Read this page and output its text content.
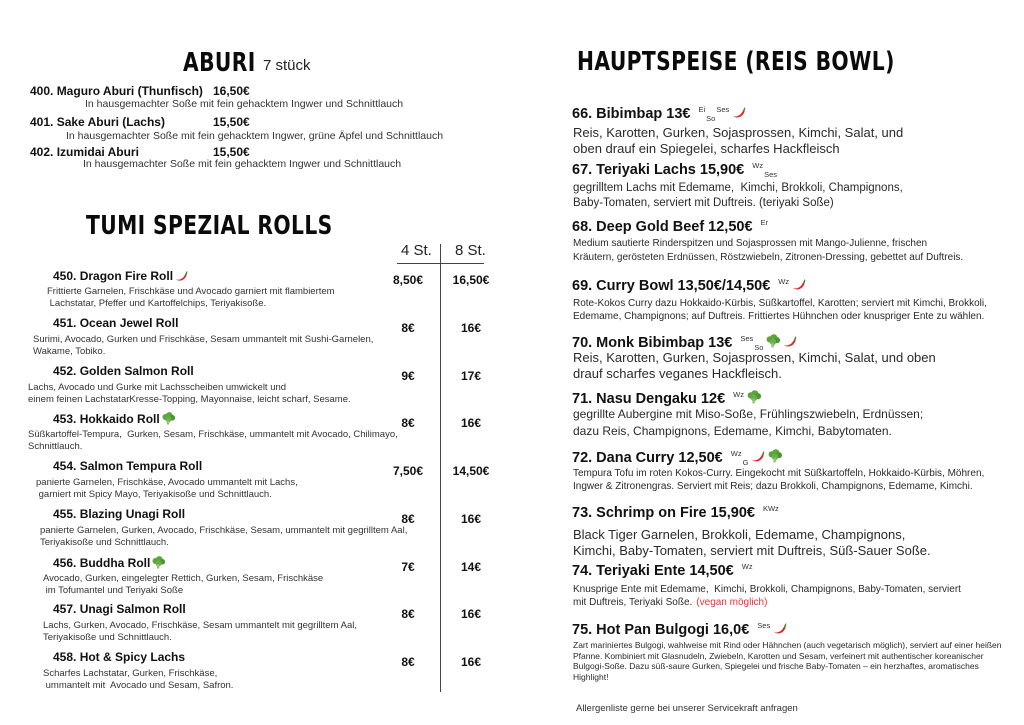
ABURI 7 stück
TUMI SPEZIAL ROLLS
4 St. 8 St.
HAUPTSPEISE (REIS BOWL)
Allergenliste gerne bei unserer Servicekraft anfragen
400. Maguro Aburi (Thunfisch) 16,50€
In hausgemachter Soße mit fein gehacktem Ingwer und Schnittlauch
401. Sake Aburi (Lachs)	15,50€
In hausgemachter Soße mit fein gehacktem Ingwer, grüne Äpfel und Schnittlauch
402. Izumidai Aburi	15,50€
In hausgemachter Soße mit fein gehacktem Ingwer und Schnittlauch
450. Dragon Fire Roll	8,50€	16,50€
Frittierte Garnelen, Frischkäse und Avocado garniert mit flambiertem
Lachstatar, Pfeffer und Kartoffelchips, Teriyakisoße.
451. Ocean Jewel Roll	8€	16€
Surimi, Avocado, Gurken und Frischkäse, Sesam ummantelt mit Sushi-Garnelen,
Wakame, Tobiko.
452. Golden Salmon Roll	9€	17€
Lachs, Avocado und Gurke mit Lachsscheiben umwickelt und
einem feinen LachstatarKresse-Topping, Mayonnaise, leicht scharf, Sesame.
453. Hokkaido Roll	8€	16€
Süßkartoffel-Tempura,  Gurken, Sesam, Frischkäse, ummantelt mit Avocado, Chilimayo,
Schnittlauch.
454. Salmon Tempura Roll	7,50€	14,50€
panierte Garnelen, Frischkäse, Avocado ummantelt mit Lachs,
garniert mit Spicy Mayo, Teriyakisoße und Schnittlauch.
455. Blazing Unagi Roll	8€	16€
panierte Garnelen, Gurken, Avocado, Frischkäse, Sesam, ummantelt mit gegrilltem Aal,
Teriyakisoße und Schnittlauch.
456. Buddha Roll	7€	14€
Avocado, Gurken, eingelegter Rettich, Gurken, Sesam, Frischkäse
im Tofumantel und Teriyaki Soße
457. Unagi Salmon Roll	8€	16€
Lachs, Gurken, Avocado, Frischkäse, Sesam ummantelt mit gegrilltem Aal,
Teriyakisoße und Schnittlauch.
458. Hot & Spicy Lachs	8€	16€
Scharfes Lachstatar, Gurken, Frischkäse,
ummantelt mit  Avocado und Sesam, Safron.
66. Bibimbap 13€ $^{Ei}_{So}^{Ses}$
Reis, Karotten, Gurken, Sojasprossen, Kimchi, Salat, und
oben drauf ein Spiegelei, scharfes Hackfleisch
67. Teriyaki Lachs 15,90€ $^{Wz}_{Ses}$
gegrilltem Lachs mit Edemame,  Kimchi, Brokkoli, Champignons,
Baby-Tomaten, serviert mit Duftreis. (teriyaki Soße)
68. Deep Gold Beef 12,50€ $^{Er}$
Medium sautierte Rinderspitzen und Sojasprossen mit Mango-Julienne, frischen
Kräutern, gerösteten Erdnüssen, Röstzwiebeln, Zitronen-Dressing, gebettet auf Duftreis.
69. Curry Bowl 13,50€/14,50€ $^{Wz}$
Rote-Kokos Curry dazu Hokkaido-Kürbis, Süßkartoffel, Karotten; serviert mit Kimchi, Brokkoli,
Edemame, Champignons; auf Duftreis. Frittiertes Hühnchen oder knuspriger Ente zu wählen.
70. Monk Bibimbap 13€ $^{Ses}_{So}$
Reis, Karotten, Gurken, Sojasprossen, Kimchi, Salat, und oben
drauf scharfes veganes Hackfleisch.
71. Nasu Dengaku 12€ $^{Wz}$
gegrillte Aubergine mit Miso-Soße, Frühlingszwiebeln, Erdnüssen;
dazu Reis, Champignons, Edemame, Kimchi, Babytomaten.
72. Dana Curry 12,50€ $^{Wz}_G$
Tempura Tofu im roten Kokos-Curry. Eingekocht mit Süßkartoffeln, Hokkaido-Kürbis, Möhren,
Ingwer & Zitronengras. Serviert mit Reis; dazu Brokkoli, Champignons, Edemame, Kimchi.
73. Schrimp on Fire 15,90€ $^{KWz}$
Black Tiger Garnelen, Brokkoli, Edemame, Champignons,
Kimchi, Baby-Tomaten, serviert mit Duftreis, Süß-Sauer Soße.
74. Teriyaki Ente 14,50€ $^{Wz}$
Knusprige Ente mit Edemame,  Kimchi, Brokkoli, Champignons, Baby-Tomaten, serviert
mit Duftreis, Teriyaki Soße. (vegan möglich)
75. Hot Pan Bulgogi 16,0€ $^{Ses}$
Zart mariniertes Bulgogi, wahlweise mit Rind oder Hähnchen (auch vegetarisch möglich), serviert auf einer heißen
Pfanne. Kombiniert mit Glasnudeln, Zwiebeln, Karotten und Sesam, verfeinert mit authentischer koreanischer
Bulgogi-Soße. Dazu süß-saure Gurken, Spiegelei und frische Baby-Tomaten – ein herzhaftes, aromatisches
Highlight!
